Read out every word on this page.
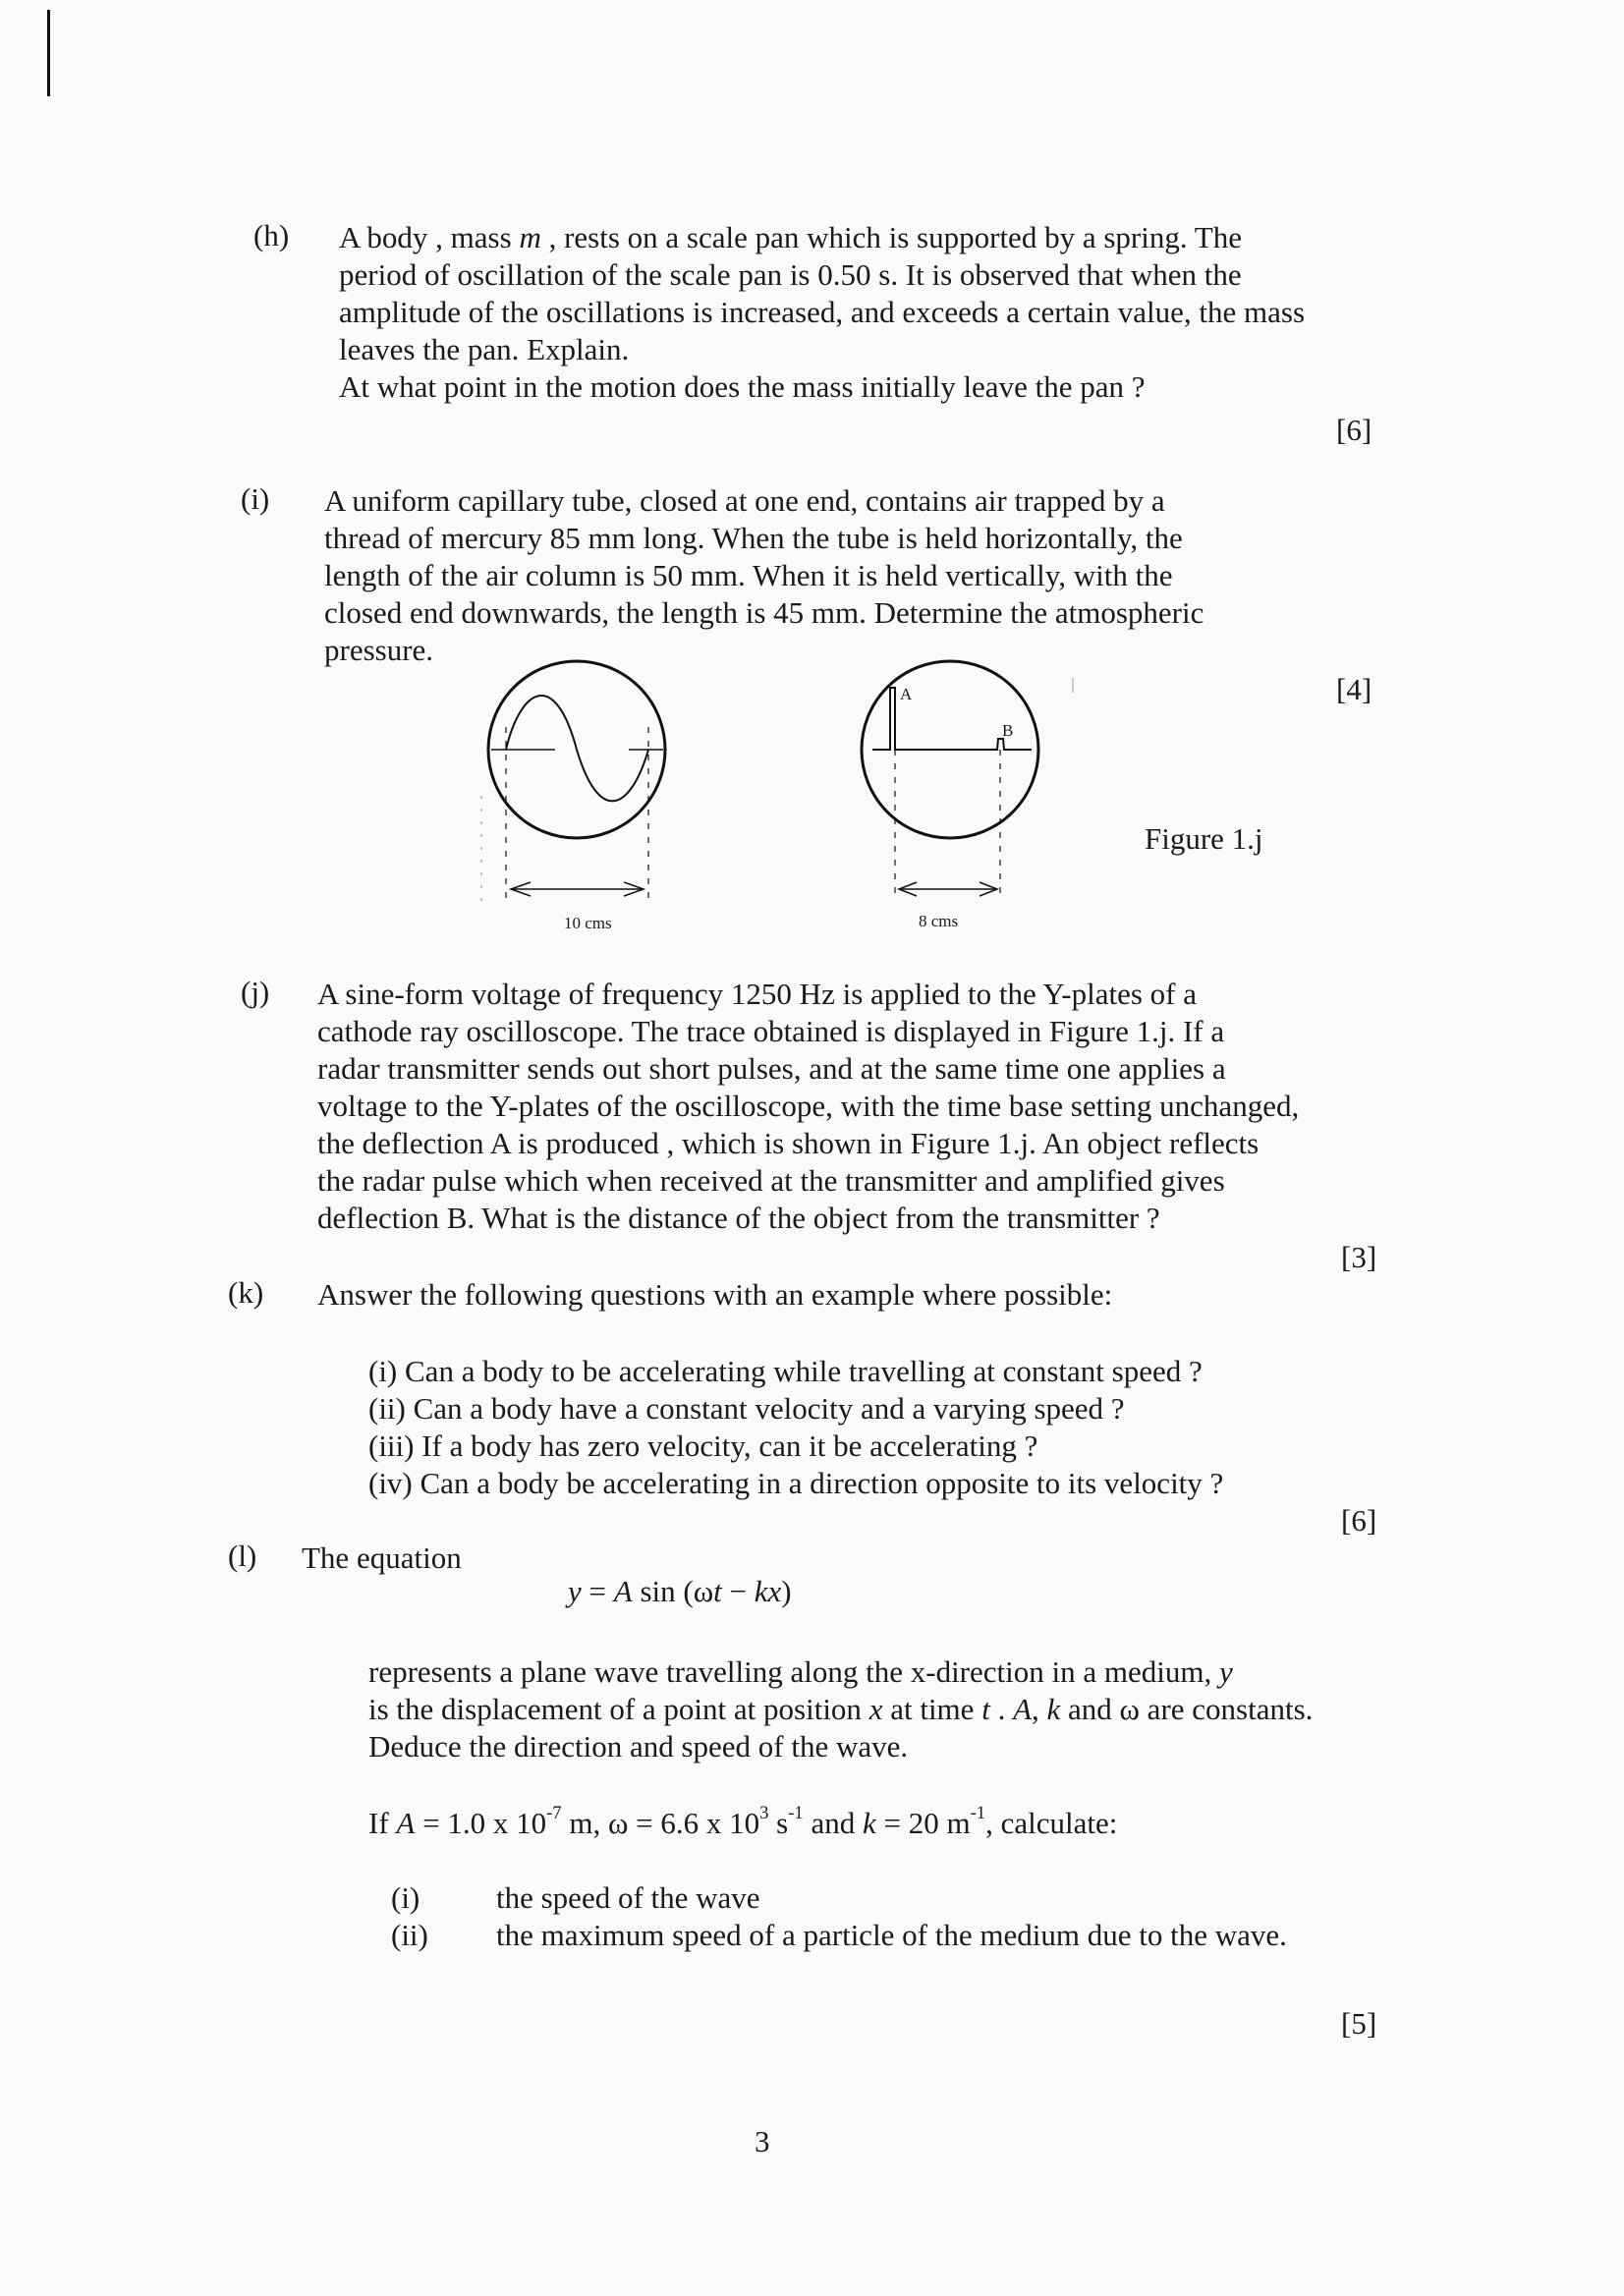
(h) A body , mass m , rests on a scale pan which is supported by a spring. The
period of oscillation of the scale pan is 0.50 s. It is observed that when the
amplitude of the oscillations is increased, and exceeds a certain value, the mass
leaves the pan. Explain.
At what point in the motion does the mass initially leave the pan ?
[6]
(i) A uniform capillary tube, closed at one end, contains air trapped by a
thread of mercury 85 mm long. When the tube is held horizontally, the
length of the air column is 50 mm. When it is held vertically, with the
closed end downwards, the length is 45 mm. Determine the atmospheric
pressure.
[4]
A
B
10 cms	8 cms
Figure 1.j
(j) A sine-form voltage of frequency 1250 Hz is applied to the Y-plates of a
cathode ray oscilloscope. The trace obtained is displayed in Figure 1.j. If a
radar transmitter sends out short pulses, and at the same time one applies a
voltage to the Y-plates of the oscilloscope, with the time base setting unchanged,
the deflection A is produced , which is shown in Figure 1.j. An object reflects
the radar pulse which when received at the transmitter and amplified gives
deflection B. What is the distance of the object from the transmitter ?
[3]
(k) Answer the following questions with an example where possible:
(i) Can a body to be accelerating while travelling at constant speed ?
(ii) Can a body have a constant velocity and a varying speed ?
(iii) If a body has zero velocity, can it be accelerating ?
(iv) Can a body be accelerating in a direction opposite to its velocity ?
[6]
(l) The equation
y = A sin (ωt − kx)
represents a plane wave travelling along the x-direction in a medium, y
is the displacement of a point at position x at time t . A, k and ω are constants.
Deduce the direction and speed of the wave.
If A = 1.0 x $10^{-7}$ m, ω = 6.6 x $10^3$ $s^{-1}$ and k = 20 $m^{-1}$, calculate:
(i)	the speed of the wave
(ii) the maximum speed of a particle of the medium due to the wave.
[5]
3
